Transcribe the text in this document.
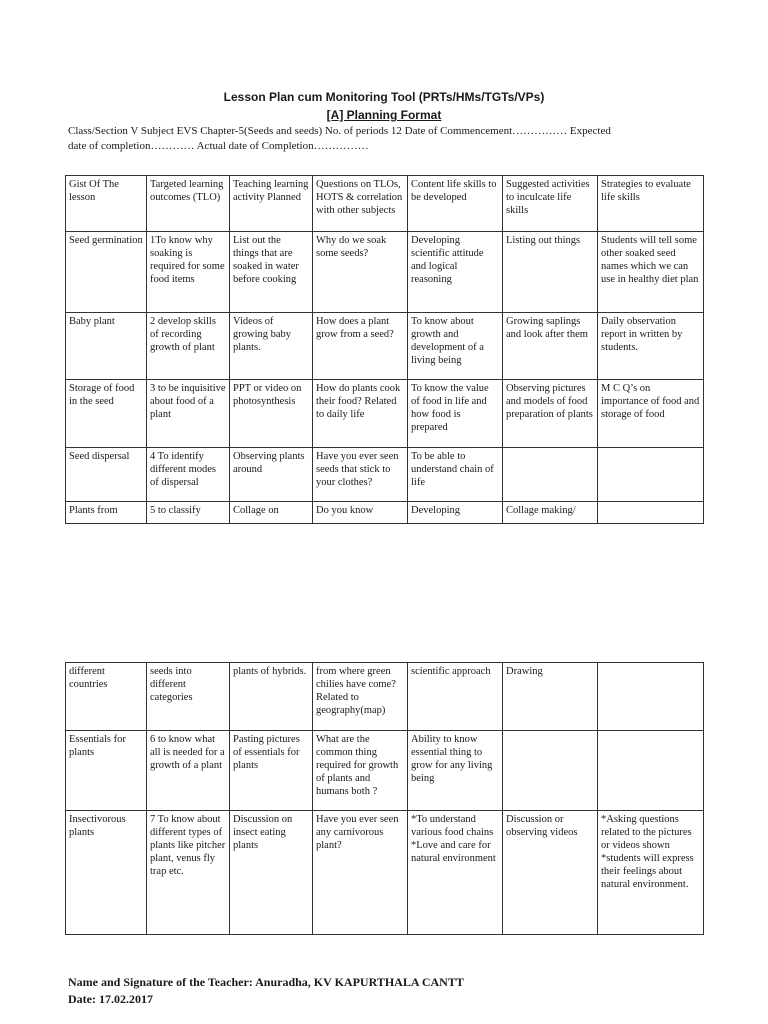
Lesson Plan cum Monitoring Tool (PRTs/HMs/TGTs/VPs)
[A] Planning Format
Class/Section V Subject EVS Chapter-5(Seeds and seeds) No. of periods 12 Date of Commencement…………… Expected
date of completion………… Actual date of Completion……………
Gist Of The lesson	Targeted learning outcomes (TLO)	Teaching learning activity Planned	Questions on TLOs, HOTS & correlation with other subjects	Content life skills to be developed	Suggested activities to inculcate life skills	Strategies to evaluate life skills
Seed germination	1To know why soaking is required for some food items	List out the things that are soaked in water before cooking	Why do we soak some seeds?	Developing scientific attitude and logical reasoning	Listing out things	Students will tell some other soaked seed names which we can use in healthy diet plan
Baby plant	2 develop skills of recording growth of plant	Videos of growing baby plants.	How does a plant grow from a seed?	To know about growth and development of a living being	Growing saplings and look after them	Daily observation report in written by students.
Storage of food in the seed	3 to be inquisitive about food of a plant	PPT or video on photosynthesis	How do plants cook their food? Related to daily life	To know the value of food in life and how food is prepared	Observing pictures and models of food preparation of plants	M C Q’s on importance of food and storage of food
Seed dispersal	4 To identify different modes of dispersal	Observing plants around	Have you ever seen seeds that stick to your clothes?	To be able to understand chain of life		
Plants from	5 to classify	Collage on	Do you know	Developing	Collage making/	
different countries	seeds into different categories	plants of hybrids.	from where green chilies have come? Related to geography(map)	scientific approach	Drawing	
Essentials for plants	6 to know what all is needed for a growth of a plant	Pasting pictures of essentials for plants	What are the common thing required for growth of plants and humans both ?	Ability to know essential thing to grow for any living being		
Insectivorous plants	7 To know about different types of plants like pitcher plant, venus fly trap etc.	Discussion on insect eating plants	Have you ever seen any carnivorous plant?	*To understand various food chains *Love and care for natural environment	Discussion or observing videos	*Asking questions related to the pictures or videos shown *students will express their feelings about natural environment.
Name and Signature of the Teacher: Anuradha, KV KAPURTHALA CANTT
Date: 17.02.2017
